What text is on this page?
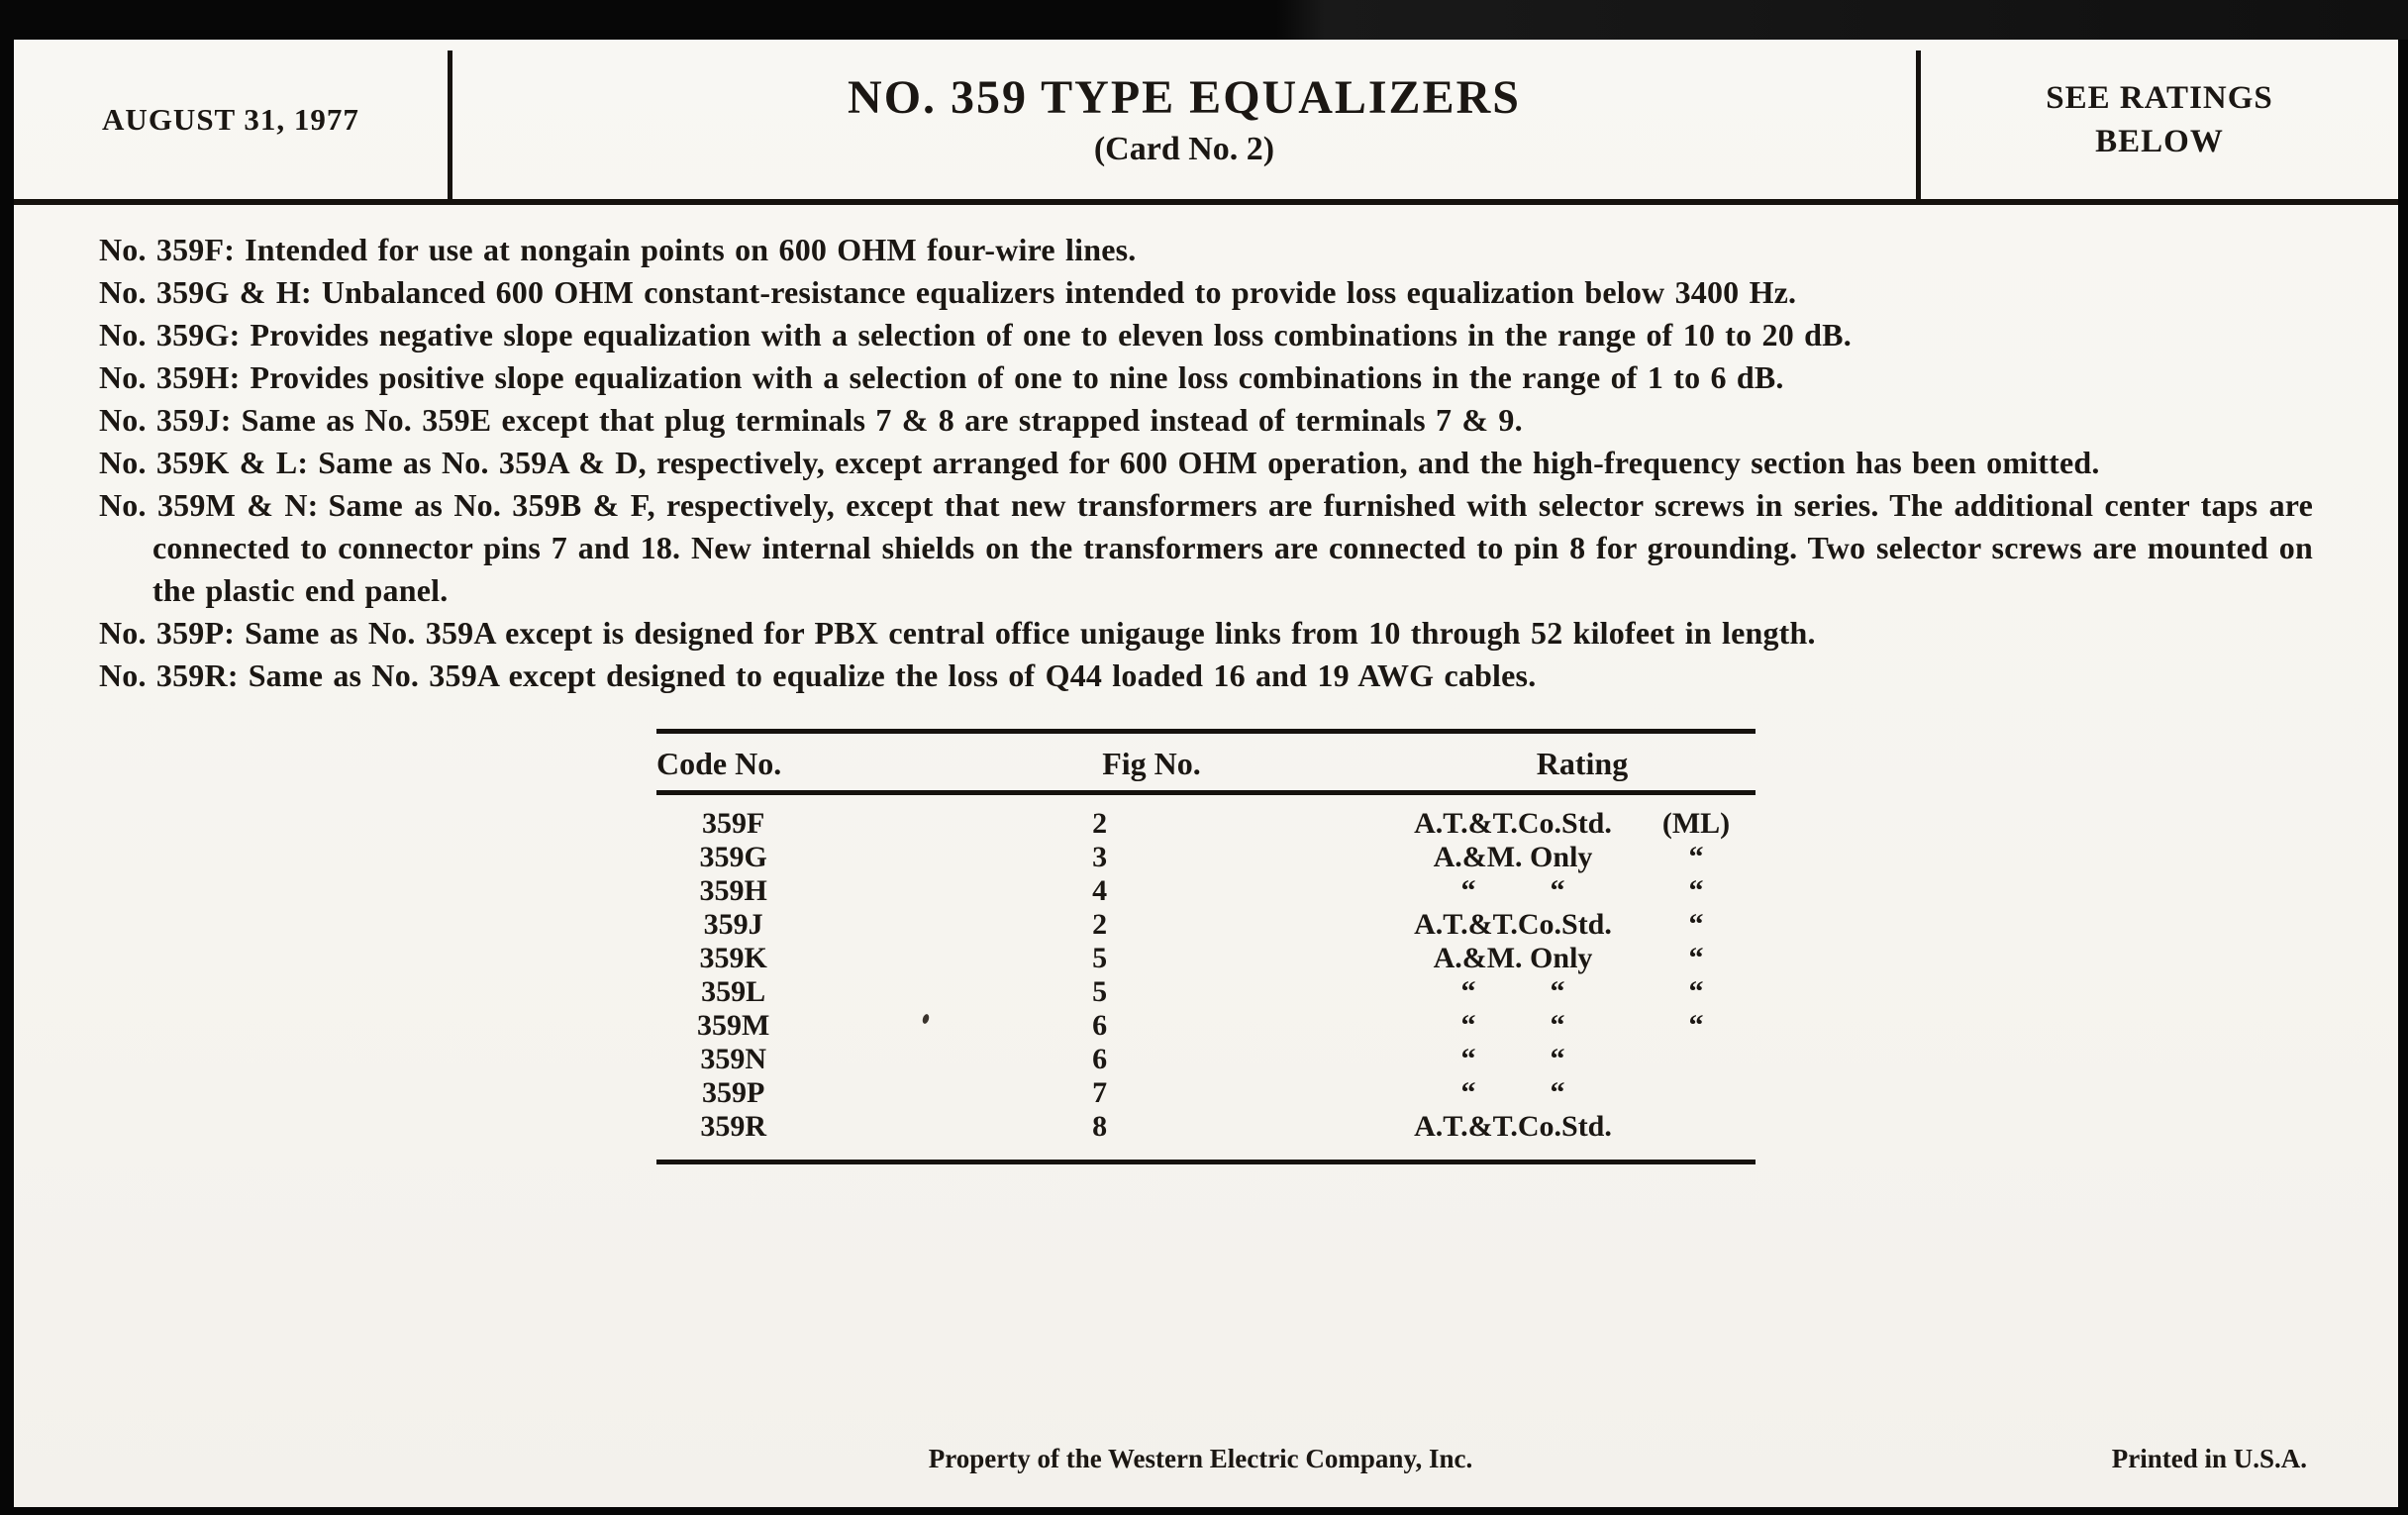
AUGUST 31, 1977	NO. 359 TYPE EQUALIZERS
(Card No. 2)
SEE RATINGS
BELOW

No. 359F: Intended for use at nongain points on 600 OHM four-wire lines.

No. 359G & H: Unbalanced 600 OHM constant-resistance equalizers intended to provide loss equalization below 3400 Hz.

No. 359G: Provides negative slope equalization with a selection of one to eleven loss combinations in the range of 10 to 20 dB.

No. 359H: Provides positive slope equalization with a selection of one to nine loss combinations in the range of 1 to 6 dB.

No. 359J: Same as No. 359E except that plug terminals 7 & 8 are strapped instead of terminals 7 & 9.

No. 359K & L: Same as No. 359A & D, respectively, except arranged for 600 OHM operation, and the high-frequency section has been omitted.

No. 359M & N: Same as No. 359B & F, respectively, except that new transformers are furnished with selector screws in series. The additional center taps are connected to connector pins 7 and 18. New internal shields on the transformers are connected to pin 8 for grounding. Two selector screws are mounted on the plastic end panel.

No. 359P: Same as No. 359A except is designed for PBX central office unigauge links from 10 through 52 kilofeet in length.

No. 359R: Same as No. 359A except designed to equalize the loss of Q44 loaded 16 and 19 AWG cables.

Code No.	Fig No.	Rating
359F	2	A.T.&T.Co.Std.	(ML)
359G	3	A.&M. Only	“
359H	4	“          “	“
359J	2	A.T.&T.Co.Std.	“
359K	5	A.&M. Only	“
359L	5	“          “	“
359M	6	“          “	“
359N	6	“          “
359P	7	“          “
359R	8	A.T.&T.Co.Std.
Property of the Western Electric Company, Inc.	Printed in U.S.A.
